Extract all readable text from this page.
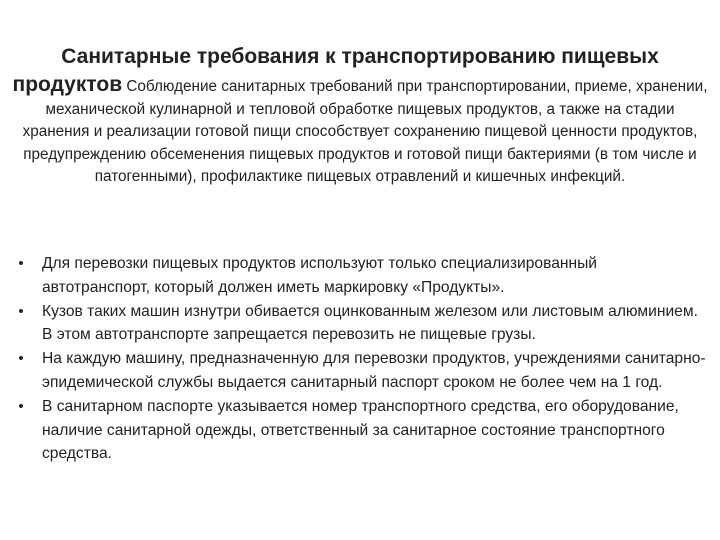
Санитарные требования к транспортированию пищевых
продуктов Соблюдение санитарных требований при транспортировании, приеме, хранении, механической кулинарной и тепловой обработке пищевых продуктов, а также на стадии хранения и реализации готовой пищи способствует сохранению пищевой ценности продуктов, предупреждению обсеменения пищевых продуктов и готовой пищи бактериями (в том числе и патогенными), профилактике пищевых отравлений и кишечных инфекций.
• Для перевозки пищевых продуктов используют только специализированный автотранспорт, который должен иметь маркировку «Продукты».
• Кузов таких машин изнутри обивается оцинкованным железом или листовым алюминием. В этом автотранспорте запрещается перевозить не пищевые грузы.
• На каждую машину, предназначенную для перевозки продуктов, учреждениями санитарно-эпидемической службы выдается санитарный паспорт сроком не более чем на 1 год.
• В санитарном паспорте указывается номер транспортного средства, его оборудование, наличие санитарной одежды, ответственный за санитарное состояние транспортного средства.
